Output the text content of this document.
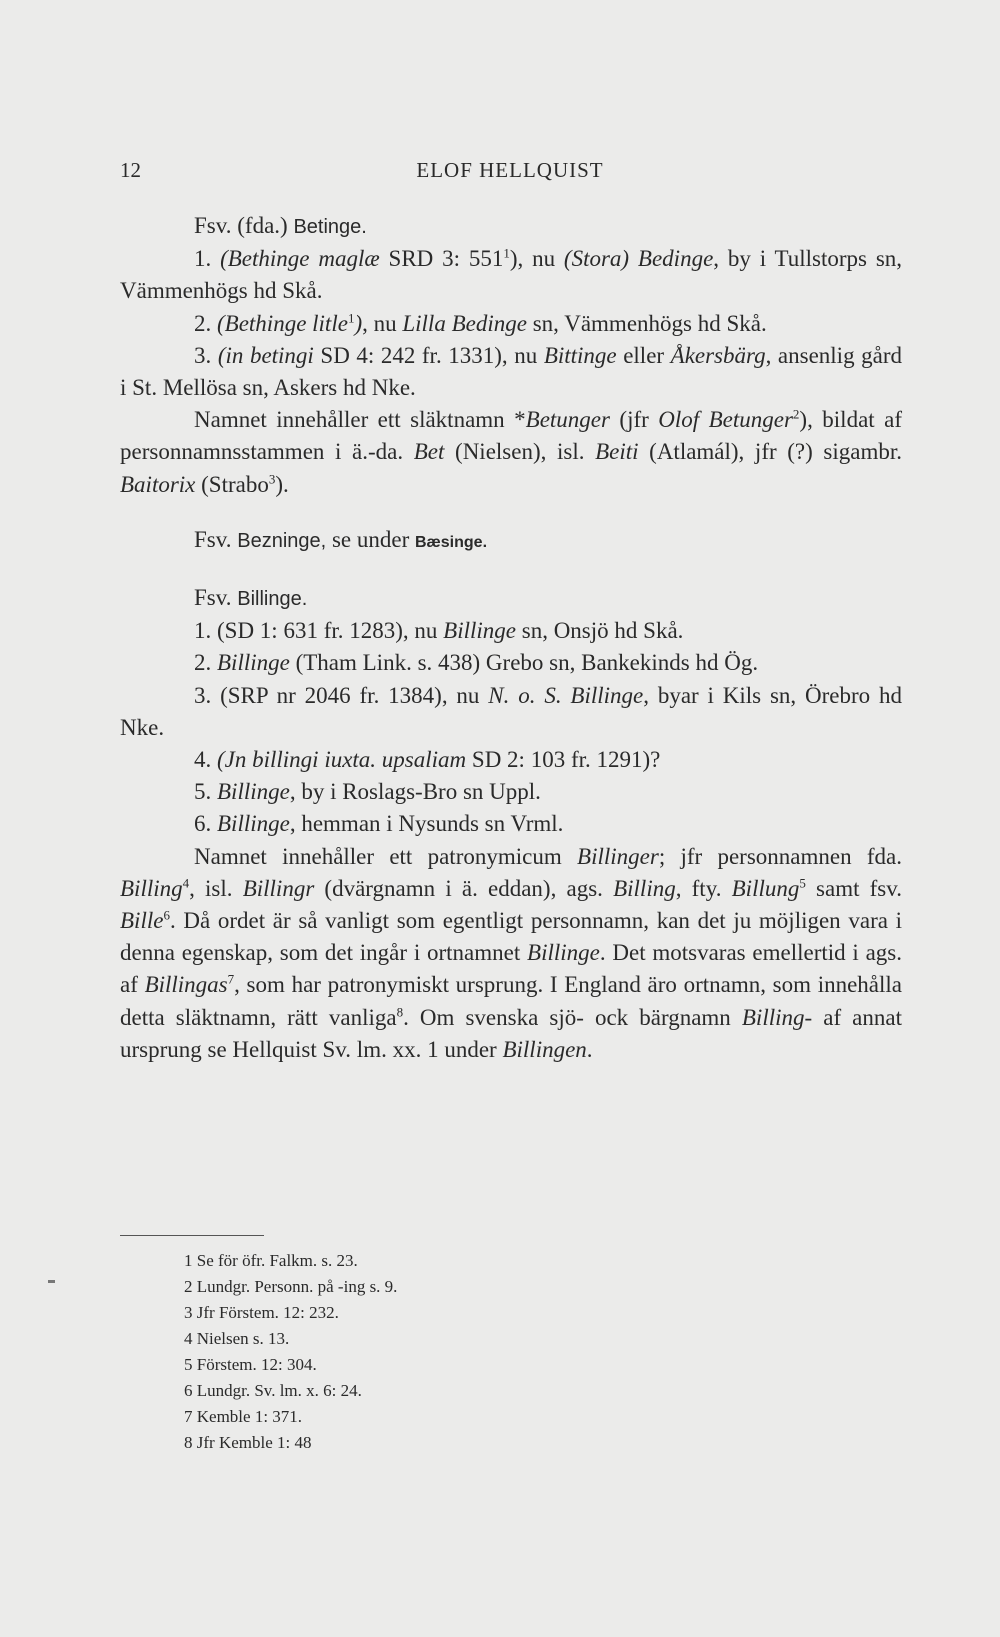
12	ELOF HELLQUIST

Fsv. (fda.) Betinge.

1. (Bethinge maglæ SRD 3: $551^1$), nu (Stora) Bedinge, by i Tullstorps sn, Vämmenhögs hd Skå.

2. (Bethinge litle$^1$), nu Lilla Bedinge sn, Vämmenhögs hd Skå.

3. (in betingi SD 4: 242 fr. 1331), nu Bittinge eller Åkersbärg, ansenlig gård i St. Mellösa sn, Askers hd Nke.

Namnet innehåller ett släktnamn *Betunger (jfr Olof Betunger$^2$), bildat af personnamnsstammen i ä.-da. Bet (Nielsen), isl. Beiti (Atlamál), jfr (?) sigambr. Baitorix (Strabo$^3$).

Fsv. Bezninge, se under Bæsinge.

Fsv. Billinge.

1. (SD 1: 631 fr. 1283), nu Billinge sn, Onsjö hd Skå.

2. Billinge (Tham Link. s. 438) Grebo sn, Bankekinds hd Ög.

3. (SRP nr 2046 fr. 1384), nu N. o. S. Billinge, byar i Kils sn, Örebro hd Nke.

4. (Jn billingi iuxta. upsaliam SD 2: 103 fr. 1291)?

5. Billinge, by i Roslags-Bro sn Uppl.

6. Billinge, hemman i Nysunds sn Vrml.

Namnet innehåller ett patronymicum Billinger; jfr personnamnen fda. Billing$^4$, isl. Billingr (dvärgnamn i ä. eddan), ags. Billing, fty. Billung$^5$ samt fsv. Bille$^6$. Då ordet är så vanligt som egentligt personnamn, kan det ju möjligen vara i denna egenskap, som det ingår i ortnamnet Billinge. Det motsvaras emellertid i ags. af Billingas$^7$, som har patronymiskt ursprung. I England äro ortnamn, som innehålla detta släktnamn, rätt vanliga$^8$. Om svenska sjö- ock bärgnamn Billing- af annat ursprung se Hellquist Sv. lm. xx. 1 under Billingen.

1 Se för öfr. Falkm. s. 23.
2 Lundgr. Personn. på -ing s. 9.
3 Jfr Förstem. 12: 232.
4 Nielsen s. 13.
5 Förstem. 12: 304.
6 Lundgr. Sv. lm. x. 6: 24.
7 Kemble 1: 371.
8 Jfr Kemble 1: 48
